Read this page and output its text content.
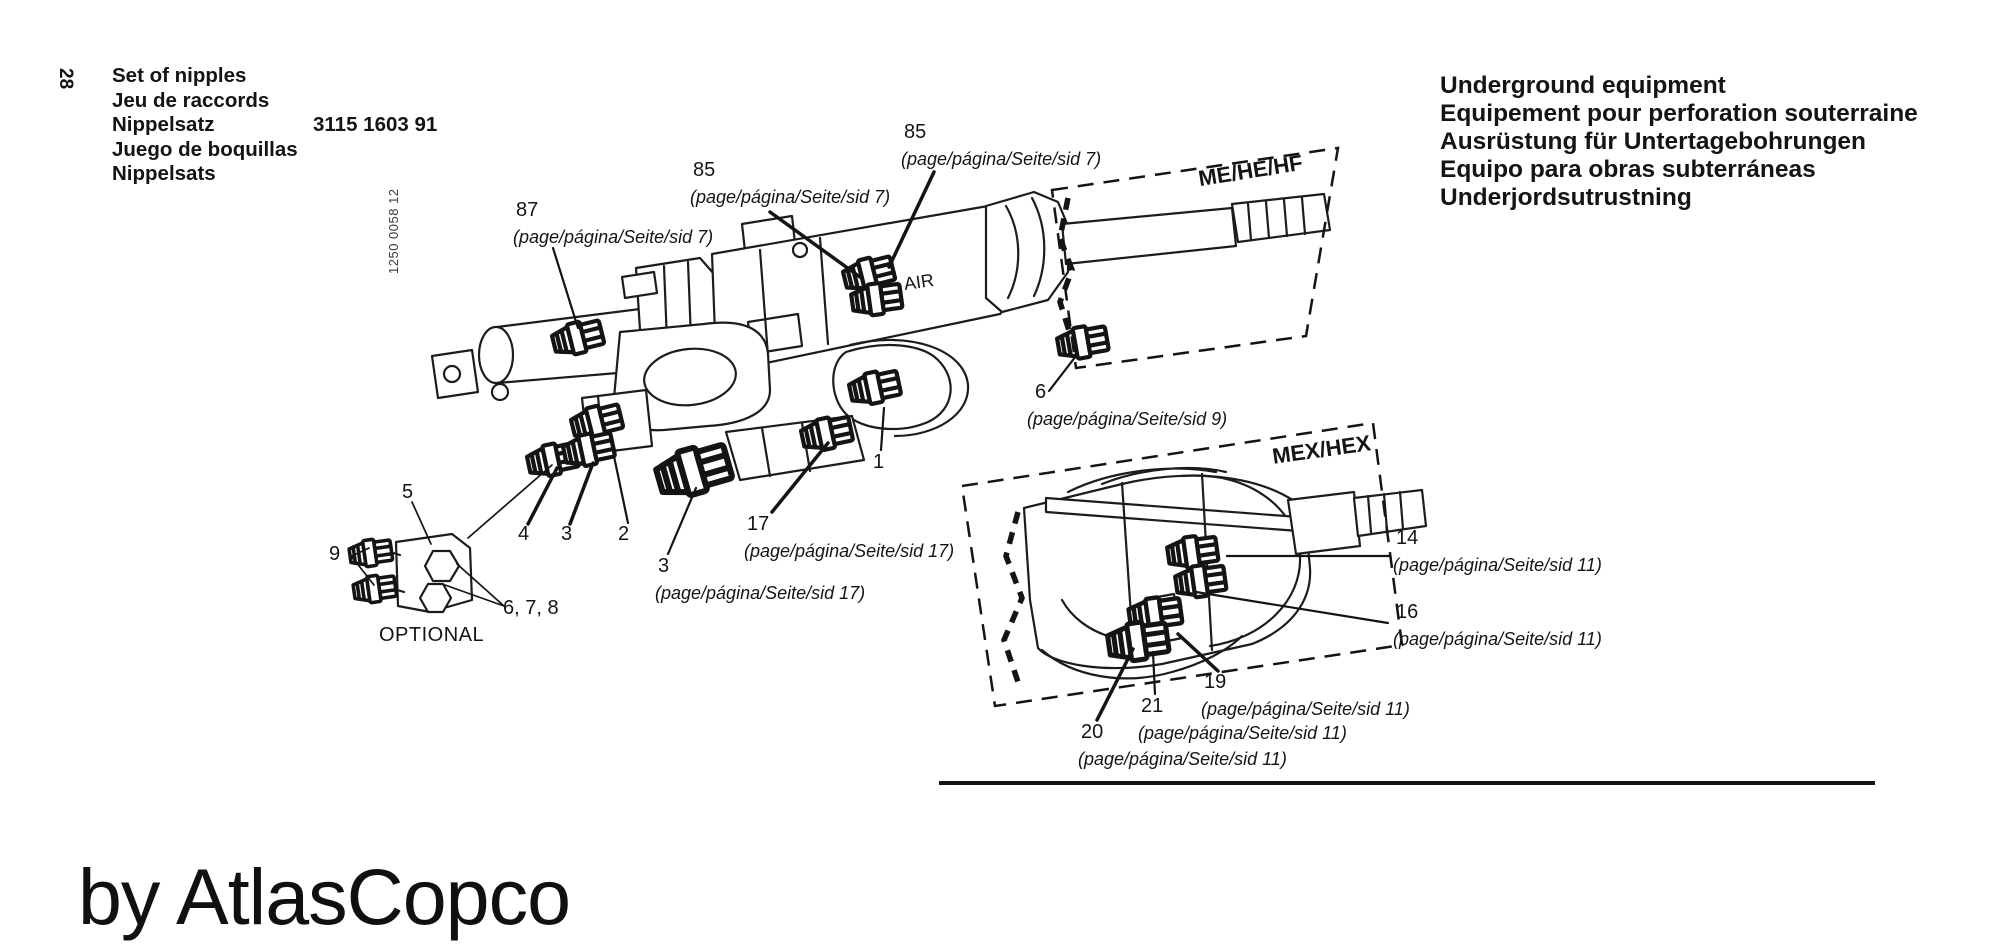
28 Set of nipples
Jeu de raccords
Nippelsatz
Juego de boquillas
Nippelsats
3115 1603 91
Underground equipment
Equipement pour perforation souterraine
Ausrüstung für Untertagebohrungen
Equipo para obras subterráneas
Underjordsutrustning
1250 0058 12
ME/HE/HF
MEX/HEX
AIR
OPTIONAL
87
(page/página/Seite/sid 7)
85
(page/página/Seite/sid 7)
85
(page/página/Seite/sid 7)
6
(page/página/Seite/sid 9)
1
17
(page/página/Seite/sid 17)
3
(page/página/Seite/sid 17)
4 3 2
5
9
6, 7, 8
14
(page/página/Seite/sid 11)
16
(page/página/Seite/sid 11)
19
(page/página/Seite/sid 11)
21
(page/página/Seite/sid 11)
20
(page/página/Seite/sid 11)
by AtlasCopco
